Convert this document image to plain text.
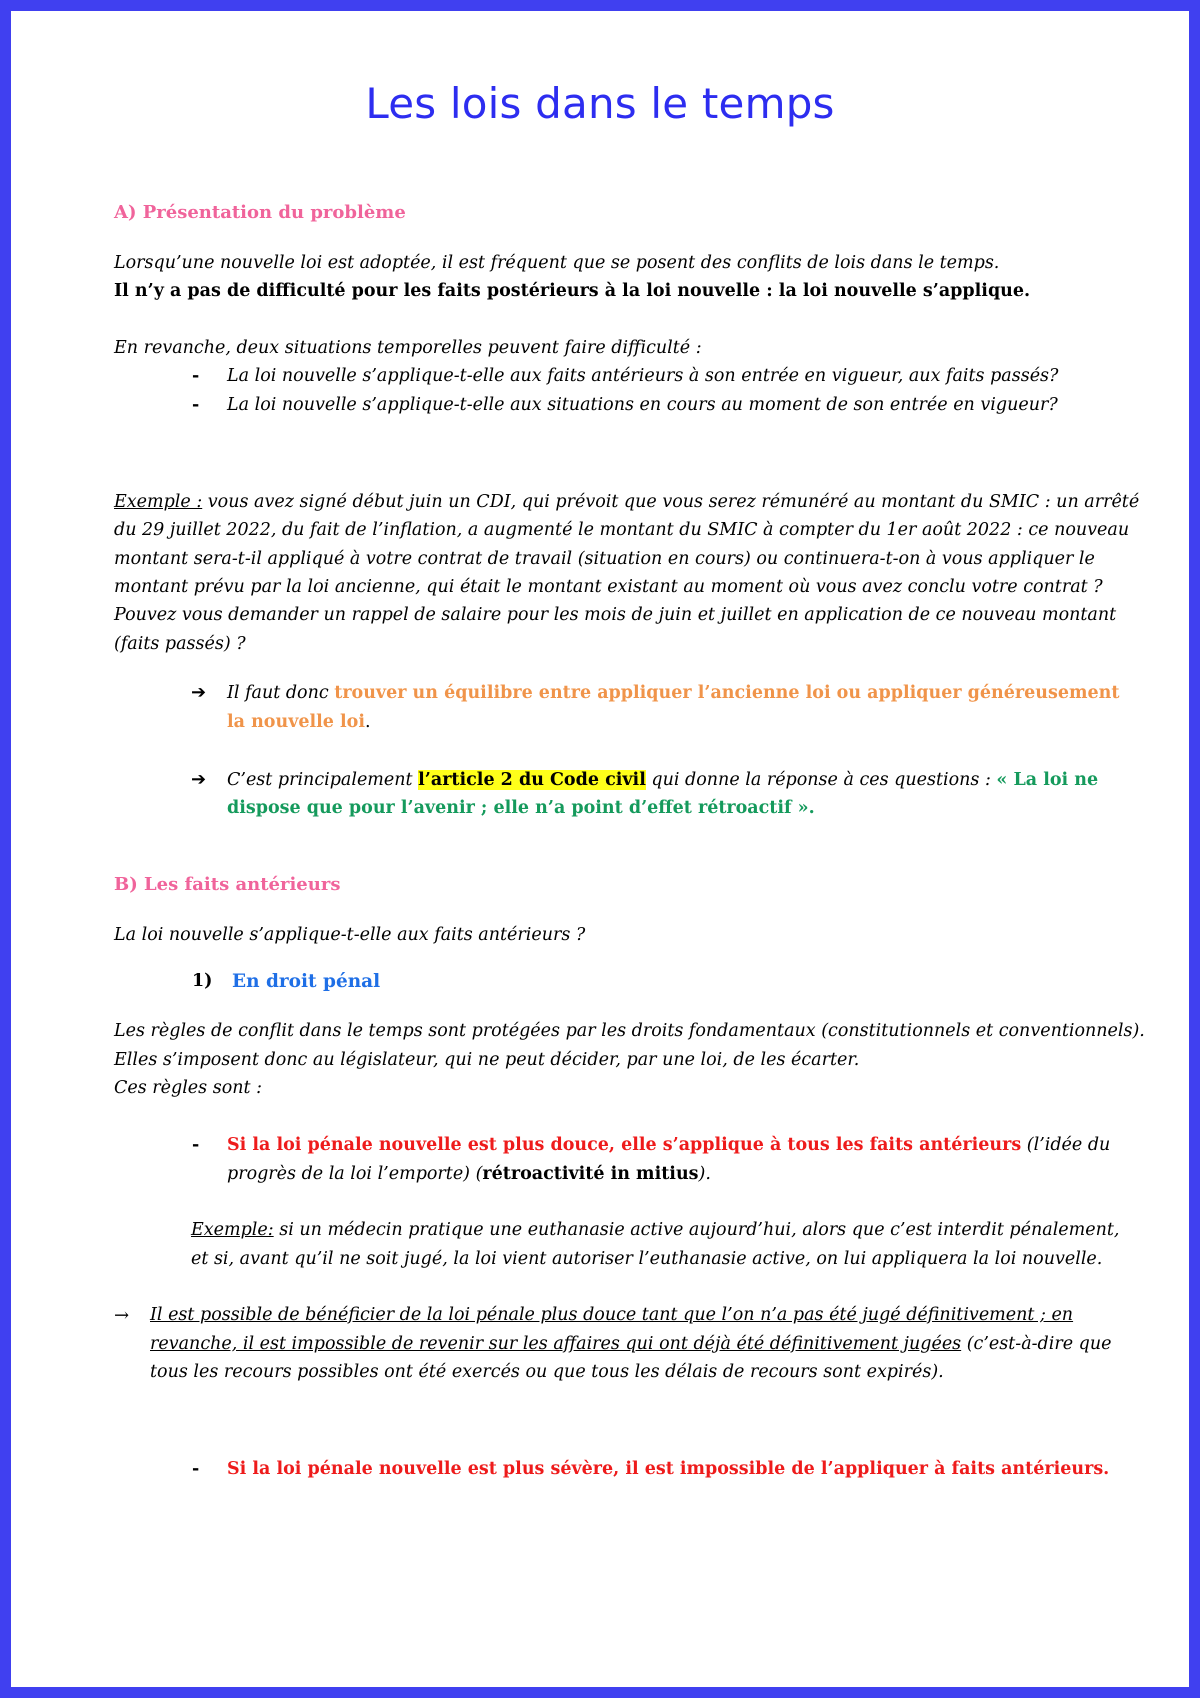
Les lois dans le temps
A) Présentation du problème
Lorsqu’une nouvelle loi est adoptée, il est fréquent que se posent des conflits de lois dans le temps.
Il n’y a pas de difficulté pour les faits postérieurs à la loi nouvelle : la loi nouvelle s’applique.
En revanche, deux situations temporelles peuvent faire difficulté :
- La loi nouvelle s’applique-t-elle aux faits antérieurs à son entrée en vigueur, aux faits passés?
- La loi nouvelle s’applique-t-elle aux situations en cours au moment de son entrée en vigueur?
Exemple : vous avez signé début juin un CDI, qui prévoit que vous serez rémunéré au montant du SMIC : un arrêté
du 29 juillet 2022, du fait de l’inflation, a augmenté le montant du SMIC à compter du 1er août 2022 : ce nouveau
montant sera-t-il appliqué à votre contrat de travail (situation en cours) ou continuera-t-on à vous appliquer le
montant prévu par la loi ancienne, qui était le montant existant au moment où vous avez conclu votre contrat ?
Pouvez vous demander un rappel de salaire pour les mois de juin et juillet en application de ce nouveau montant
(faits passés) ?
➔ Il faut donc trouver un équilibre entre appliquer l’ancienne loi ou appliquer généreusement
la nouvelle loi.
➔ C’est principalement l’article 2 du Code civil qui donne la réponse à ces questions : « La loi ne
dispose que pour l’avenir ; elle n’a point d’effet rétroactif ».
B) Les faits antérieurs
La loi nouvelle s’applique-t-elle aux faits antérieurs ?
1) En droit pénal
Les règles de conflit dans le temps sont protégées par les droits fondamentaux (constitutionnels et conventionnels).
Elles s’imposent donc au législateur, qui ne peut décider, par une loi, de les écarter.
Ces règles sont :
- Si la loi pénale nouvelle est plus douce, elle s’applique à tous les faits antérieurs (l’idée du
progrès de la loi l’emporte) (rétroactivité in mitius).
Exemple: si un médecin pratique une euthanasie active aujourd’hui, alors que c’est interdit pénalement,
et si, avant qu’il ne soit jugé, la loi vient autoriser l’euthanasie active, on lui appliquera la loi nouvelle.
→ Il est possible de bénéficier de la loi pénale plus douce tant que l’on n’a pas été jugé définitivement ; en
revanche, il est impossible de revenir sur les affaires qui ont déjà été définitivement jugées (c’est-à-dire que
tous les recours possibles ont été exercés ou que tous les délais de recours sont expirés).
- Si la loi pénale nouvelle est plus sévère, il est impossible de l’appliquer à faits antérieurs.
